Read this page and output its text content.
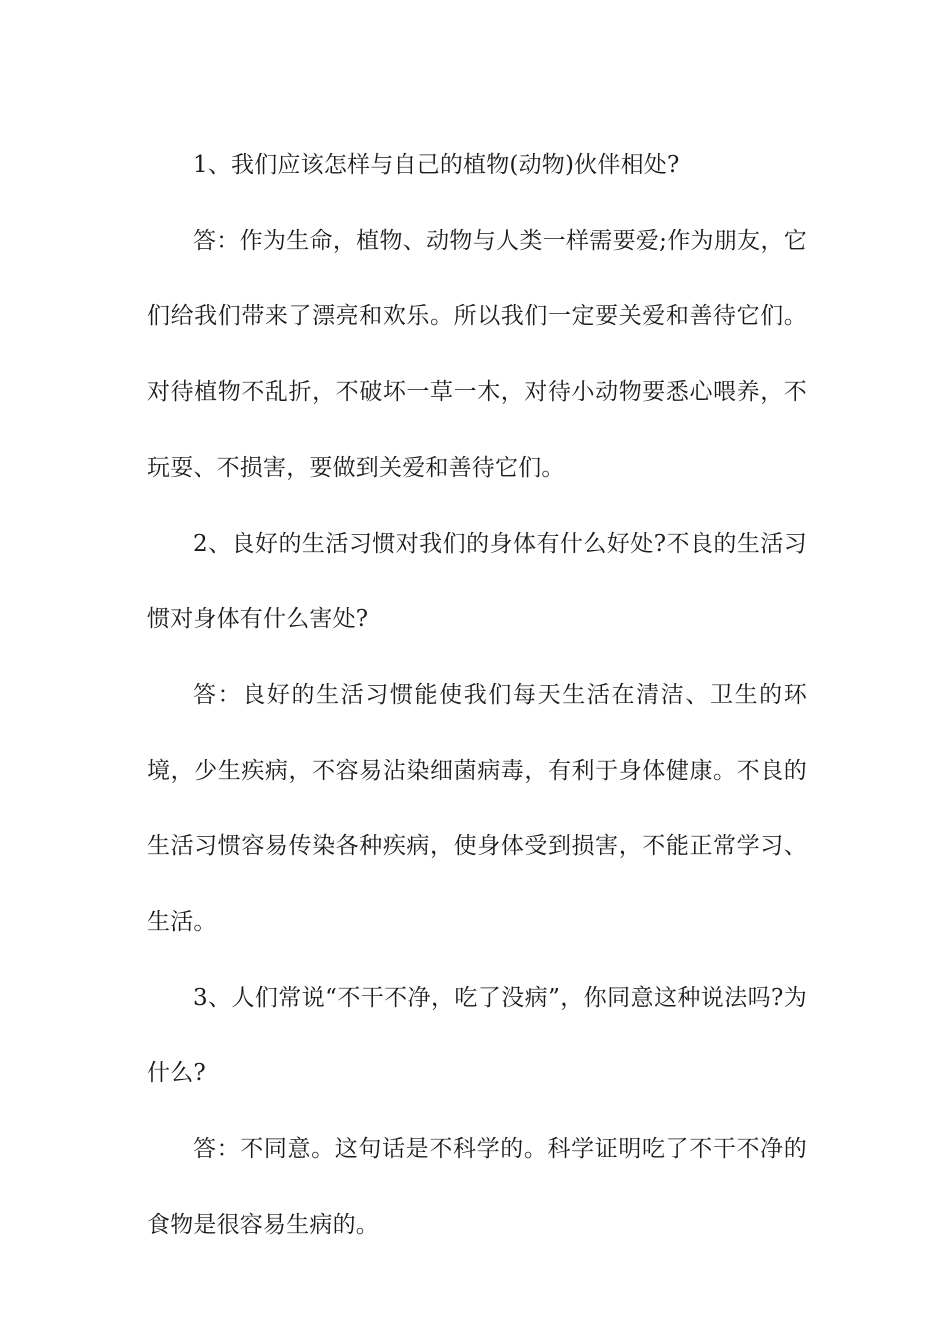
1、我们应该怎样与自己的植物(动物)伙伴相处?

答：作为生命，植物、动物与人类一样需要爱;作为朋友，它们给我们带来了漂亮和欢乐。所以我们一定要关爱和善待它们。对待植物不乱折，不破坏一草一木，对待小动物要悉心喂养，不玩耍、不损害，要做到关爱和善待它们。

2、良好的生活习惯对我们的身体有什么好处?不良的生活习惯对身体有什么害处?

答：良好的生活习惯能使我们每天生活在清洁、卫生的环境，少生疾病，不容易沾染细菌病毒，有利于身体健康。不良的生活习惯容易传染各种疾病，使身体受到损害，不能正常学习、生活。

3、人们常说“不干不净，吃了没病”，你同意这种说法吗?为什么?

答：不同意。这句话是不科学的。科学证明吃了不干不净的食物是很容易生病的。
